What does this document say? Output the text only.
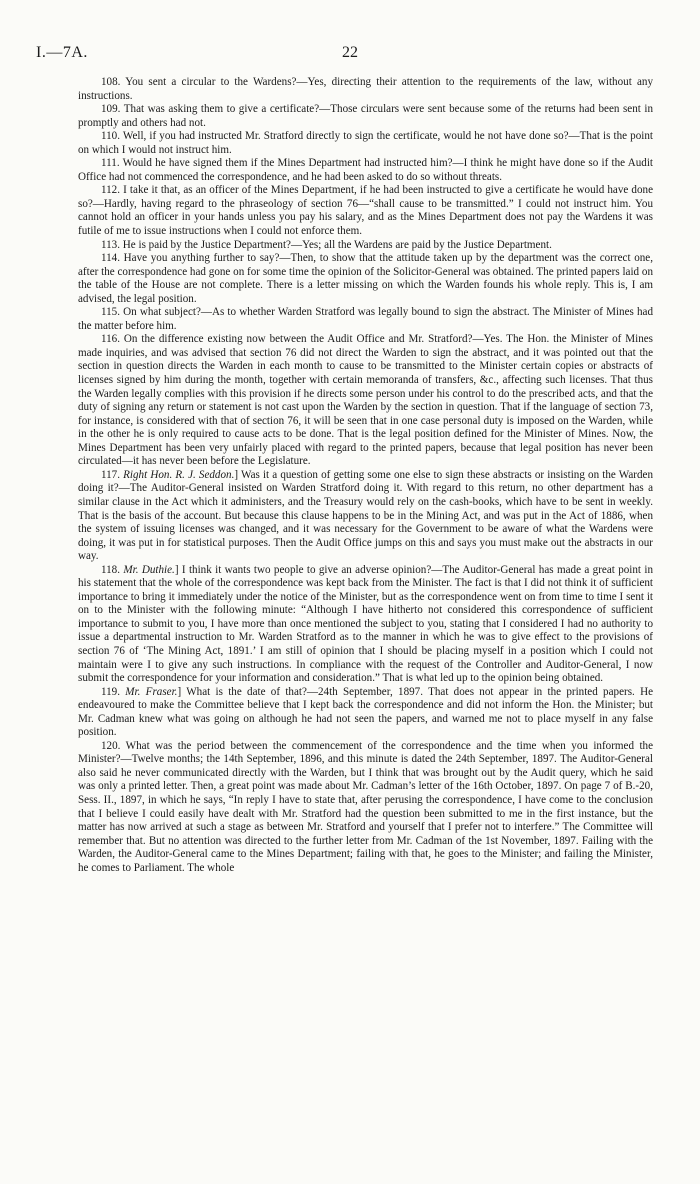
I.—7A.	22

108. You sent a circular to the Wardens?—Yes, directing their attention to the requirements of the law, without any instructions.

109. That was asking them to give a certificate?—Those circulars were sent because some of the returns had been sent in promptly and others had not.

110. Well, if you had instructed Mr. Stratford directly to sign the certificate, would he not have done so?—That is the point on which I would not instruct him.

111. Would he have signed them if the Mines Department had instructed him?—I think he might have done so if the Audit Office had not commenced the correspondence, and he had been asked to do so without threats.

112. I take it that, as an officer of the Mines Department, if he had been instructed to give a certificate he would have done so?—Hardly, having regard to the phraseology of section 76—“shall cause to be transmitted.” I could not instruct him. You cannot hold an officer in your hands unless you pay his salary, and as the Mines Department does not pay the Wardens it was futile of me to issue instructions when I could not enforce them.

113. He is paid by the Justice Department?—Yes; all the Wardens are paid by the Justice Department.

114. Have you anything further to say?—Then, to show that the attitude taken up by the department was the correct one, after the correspondence had gone on for some time the opinion of the Solicitor-General was obtained. The printed papers laid on the table of the House are not complete. There is a letter missing on which the Warden founds his whole reply. This is, I am advised, the legal position.

115. On what subject?—As to whether Warden Stratford was legally bound to sign the abstract. The Minister of Mines had the matter before him.

116. On the difference existing now between the Audit Office and Mr. Stratford?—Yes. The Hon. the Minister of Mines made inquiries, and was advised that section 76 did not direct the Warden to sign the abstract, and it was pointed out that the section in question directs the Warden in each month to cause to be transmitted to the Minister certain copies or abstracts of licenses signed by him during the month, together with certain memoranda of transfers, &c., affecting such licenses. That thus the Warden legally complies with this provision if he directs some person under his control to do the prescribed acts, and that the duty of signing any return or statement is not cast upon the Warden by the section in question. That if the language of section 73, for instance, is considered with that of section 76, it will be seen that in one case personal duty is imposed on the Warden, while in the other he is only required to cause acts to be done. That is the legal position defined for the Minister of Mines. Now, the Mines Department has been very unfairly placed with regard to the printed papers, because that legal position has never been circulated—it has never been before the Legislature.

117. Right Hon. R. J. Seddon.] Was it a question of getting some one else to sign these abstracts or insisting on the Warden doing it?—The Auditor-General insisted on Warden Stratford doing it. With regard to this return, no other department has a similar clause in the Act which it administers, and the Treasury would rely on the cash-books, which have to be sent in weekly. That is the basis of the account. But because this clause happens to be in the Mining Act, and was put in the Act of 1886, when the system of issuing licenses was changed, and it was necessary for the Government to be aware of what the Wardens were doing, it was put in for statistical purposes. Then the Audit Office jumps on this and says you must make out the abstracts in our way.

118. Mr. Duthie.] I think it wants two people to give an adverse opinion?—The Auditor-General has made a great point in his statement that the whole of the correspondence was kept back from the Minister. The fact is that I did not think it of sufficient importance to bring it immediately under the notice of the Minister, but as the correspondence went on from time to time I sent it on to the Minister with the following minute: “Although I have hitherto not considered this correspondence of sufficient importance to submit to you, I have more than once mentioned the subject to you, stating that I considered I had no authority to issue a departmental instruction to Mr. Warden Stratford as to the manner in which he was to give effect to the provisions of section 76 of ‘The Mining Act, 1891.’ I am still of opinion that I should be placing myself in a position which I could not maintain were I to give any such instructions. In compliance with the request of the Controller and Auditor-General, I now submit the correspondence for your information and consideration.” That is what led up to the opinion being obtained.

119. Mr. Fraser.] What is the date of that?—24th September, 1897. That does not appear in the printed papers. He endeavoured to make the Committee believe that I kept back the correspondence and did not inform the Hon. the Minister; but Mr. Cadman knew what was going on although he had not seen the papers, and warned me not to place myself in any false position.

120. What was the period between the commencement of the correspondence and the time when you informed the Minister?—Twelve months; the 14th September, 1896, and this minute is dated the 24th September, 1897. The Auditor-General also said he never communicated directly with the Warden, but I think that was brought out by the Audit query, which he said was only a printed letter. Then, a great point was made about Mr. Cadman’s letter of the 16th October, 1897. On page 7 of B.-20, Sess. II., 1897, in which he says, “In reply I have to state that, after perusing the correspondence, I have come to the conclusion that I believe I could easily have dealt with Mr. Stratford had the question been submitted to me in the first instance, but the matter has now arrived at such a stage as between Mr. Stratford and yourself that I prefer not to interfere.” The Committee will remember that. But no attention was directed to the further letter from Mr. Cadman of the 1st November, 1897. Failing with the Warden, the Auditor-General came to the Mines Department; failing with that, he goes to the Minister; and failing the Minister, he comes to Parliament. The whole
